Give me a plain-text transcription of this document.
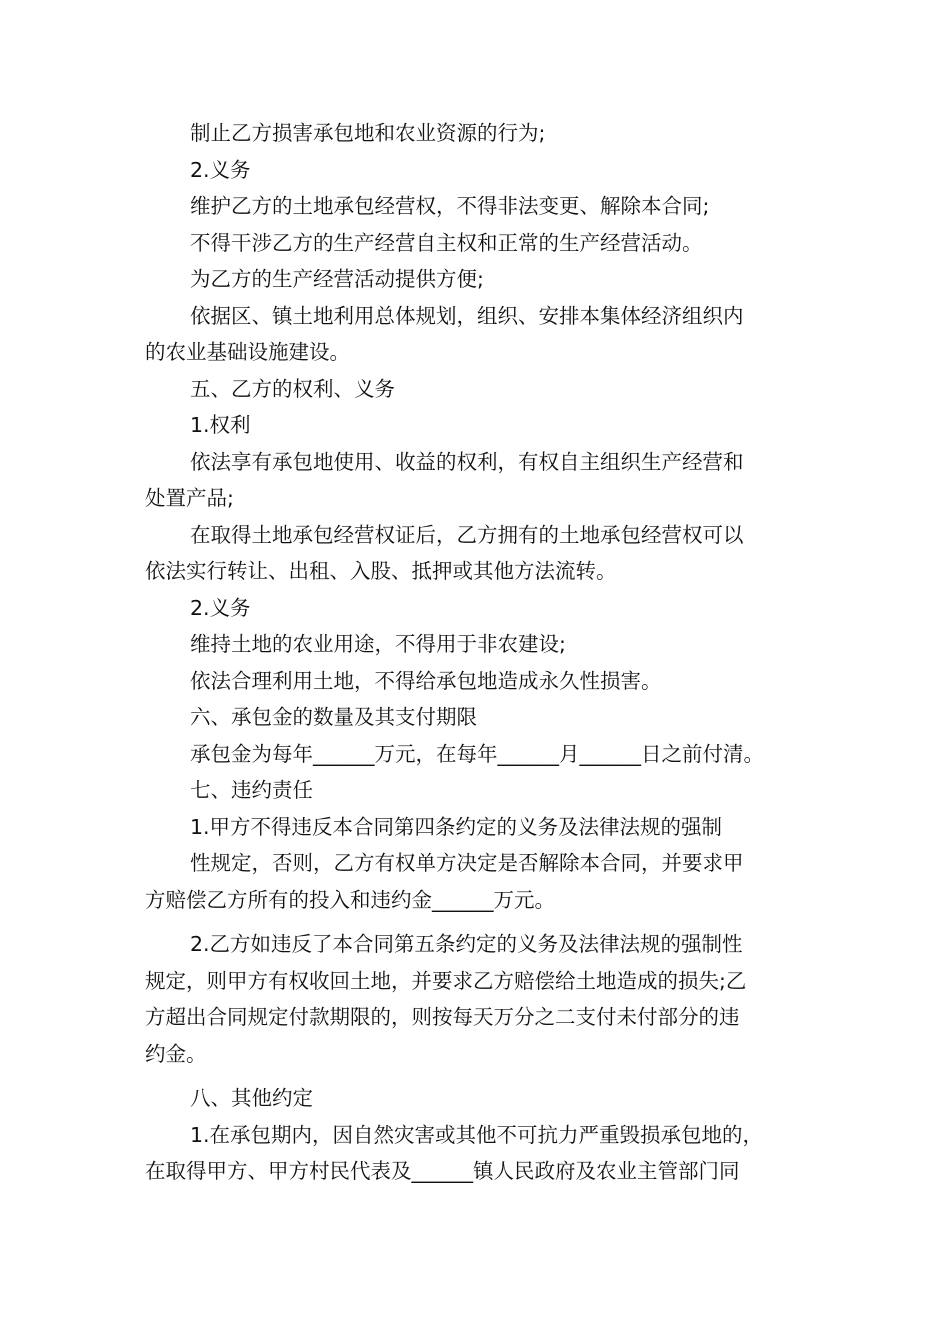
制止乙方损害承包地和农业资源的行为;
2.义务
维护乙方的土地承包经营权，不得非法变更、解除本合同;
不得干涉乙方的生产经营自主权和正常的生产经营活动。
为乙方的生产经营活动提供方便;
依据区、镇土地利用总体规划，组织、安排本集体经济组织内
的农业基础设施建设。
五、乙方的权利、义务
1.权利
依法享有承包地使用、收益的权利，有权自主组织生产经营和
处置产品;
在取得土地承包经营权证后，乙方拥有的土地承包经营权可以
依法实行转让、出租、入股、抵押或其他方法流转。
2.义务
维持土地的农业用途，不得用于非农建设;
依法合理利用土地，不得给承包地造成永久性损害。
六、承包金的数量及其支付期限
承包金为每年______万元，在每年______月______日之前付清。
七、违约责任
1.甲方不得违反本合同第四条约定的义务及法律法规的强制
性规定，否则，乙方有权单方决定是否解除本合同，并要求甲
方赔偿乙方所有的投入和违约金______万元。
2.乙方如违反了本合同第五条约定的义务及法律法规的强制性
规定，则甲方有权收回土地，并要求乙方赔偿给土地造成的损失;乙
方超出合同规定付款期限的，则按每天万分之二支付未付部分的违
约金。
八、其他约定
1.在承包期内，因自然灾害或其他不可抗力严重毁损承包地的，
在取得甲方、甲方村民代表及______镇人民政府及农业主管部门同
